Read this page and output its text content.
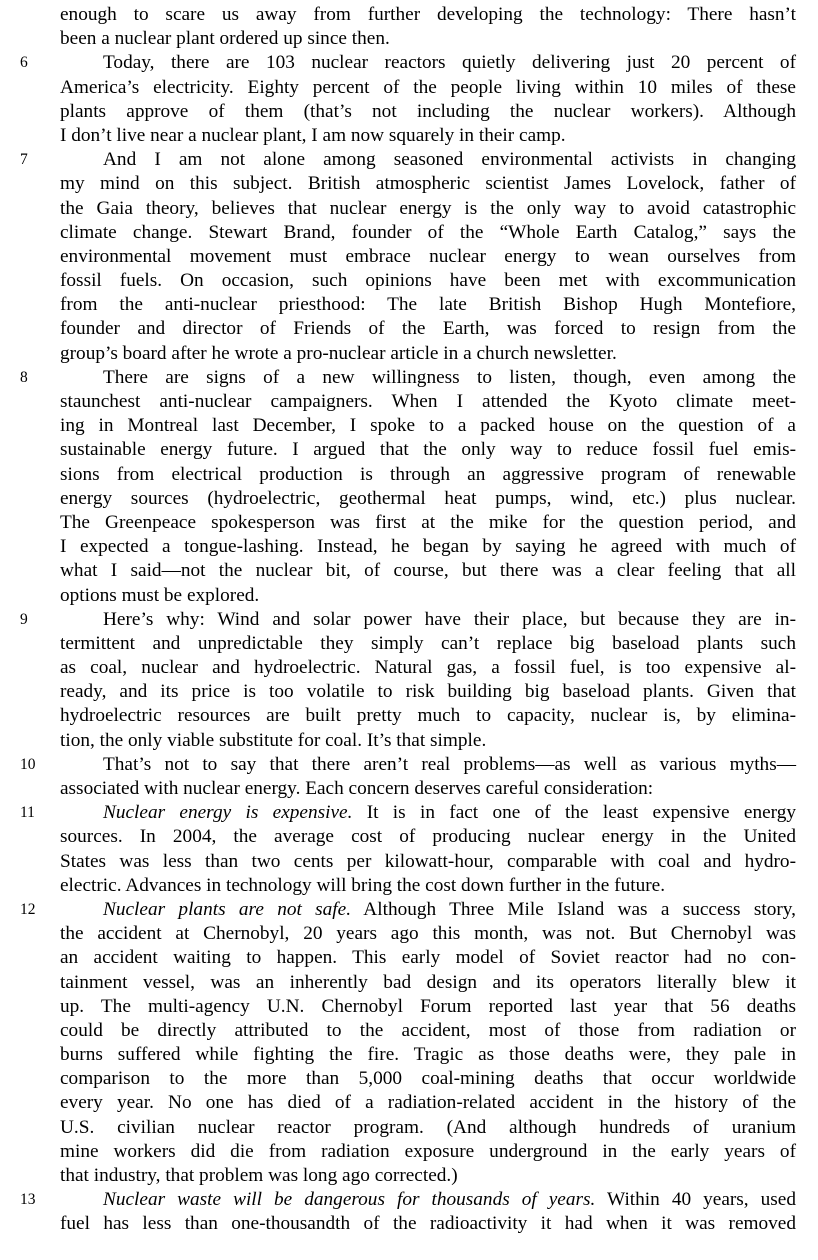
enough to scare us away from further developing the technology: There hasn’t
been a nuclear plant ordered up since then.
6	Today, there are 103 nuclear reactors quietly delivering just 20 percent of
America’s electricity. Eighty percent of the people living within 10 miles of these
plants approve of them (that’s not including the nuclear workers). Although
I don’t live near a nuclear plant, I am now squarely in their camp.
7	And I am not alone among seasoned environmental activists in changing
my mind on this subject. British atmospheric scientist James Lovelock, father of
the Gaia theory, believes that nuclear energy is the only way to avoid catastrophic
climate change. Stewart Brand, founder of the “Whole Earth Catalog,” says the
environmental movement must embrace nuclear energy to wean ourselves from
fossil fuels. On occasion, such opinions have been met with excommunication
from the anti-nuclear priesthood: The late British Bishop Hugh Montefiore,
founder and director of Friends of the Earth, was forced to resign from the
group’s board after he wrote a pro-nuclear article in a church newsletter.
8	There are signs of a new willingness to listen, though, even among the
staunchest anti-nuclear campaigners. When I attended the Kyoto climate meet-
ing in Montreal last December, I spoke to a packed house on the question of a
sustainable energy future. I argued that the only way to reduce fossil fuel emis-
sions from electrical production is through an aggressive program of renewable
energy sources (hydroelectric, geothermal heat pumps, wind, etc.) plus nuclear.
The Greenpeace spokesperson was first at the mike for the question period, and
I expected a tongue-lashing. Instead, he began by saying he agreed with much of
what I said—not the nuclear bit, of course, but there was a clear feeling that all
options must be explored.
9	Here’s why: Wind and solar power have their place, but because they are in-
termittent and unpredictable they simply can’t replace big baseload plants such
as coal, nuclear and hydroelectric. Natural gas, a fossil fuel, is too expensive al-
ready, and its price is too volatile to risk building big baseload plants. Given that
hydroelectric resources are built pretty much to capacity, nuclear is, by elimina-
tion, the only viable substitute for coal. It’s that simple.
10	That’s not to say that there aren’t real problems—as well as various myths—
associated with nuclear energy. Each concern deserves careful consideration:
11	Nuclear energy is expensive. It is in fact one of the least expensive energy
sources. In 2004, the average cost of producing nuclear energy in the United
States was less than two cents per kilowatt-hour, comparable with coal and hydro-
electric. Advances in technology will bring the cost down further in the future.
12	Nuclear plants are not safe. Although Three Mile Island was a success story,
the accident at Chernobyl, 20 years ago this month, was not. But Chernobyl was
an accident waiting to happen. This early model of Soviet reactor had no con-
tainment vessel, was an inherently bad design and its operators literally blew it
up. The multi-agency U.N. Chernobyl Forum reported last year that 56 deaths
could be directly attributed to the accident, most of those from radiation or
burns suffered while fighting the fire. Tragic as those deaths were, they pale in
comparison to the more than 5,000 coal-mining deaths that occur worldwide
every year. No one has died of a radiation-related accident in the history of the
U.S. civilian nuclear reactor program. (And although hundreds of uranium
mine workers did die from radiation exposure underground in the early years of
that industry, that problem was long ago corrected.)
13	Nuclear waste will be dangerous for thousands of years. Within 40 years, used
fuel has less than one-thousandth of the radioactivity it had when it was removed
